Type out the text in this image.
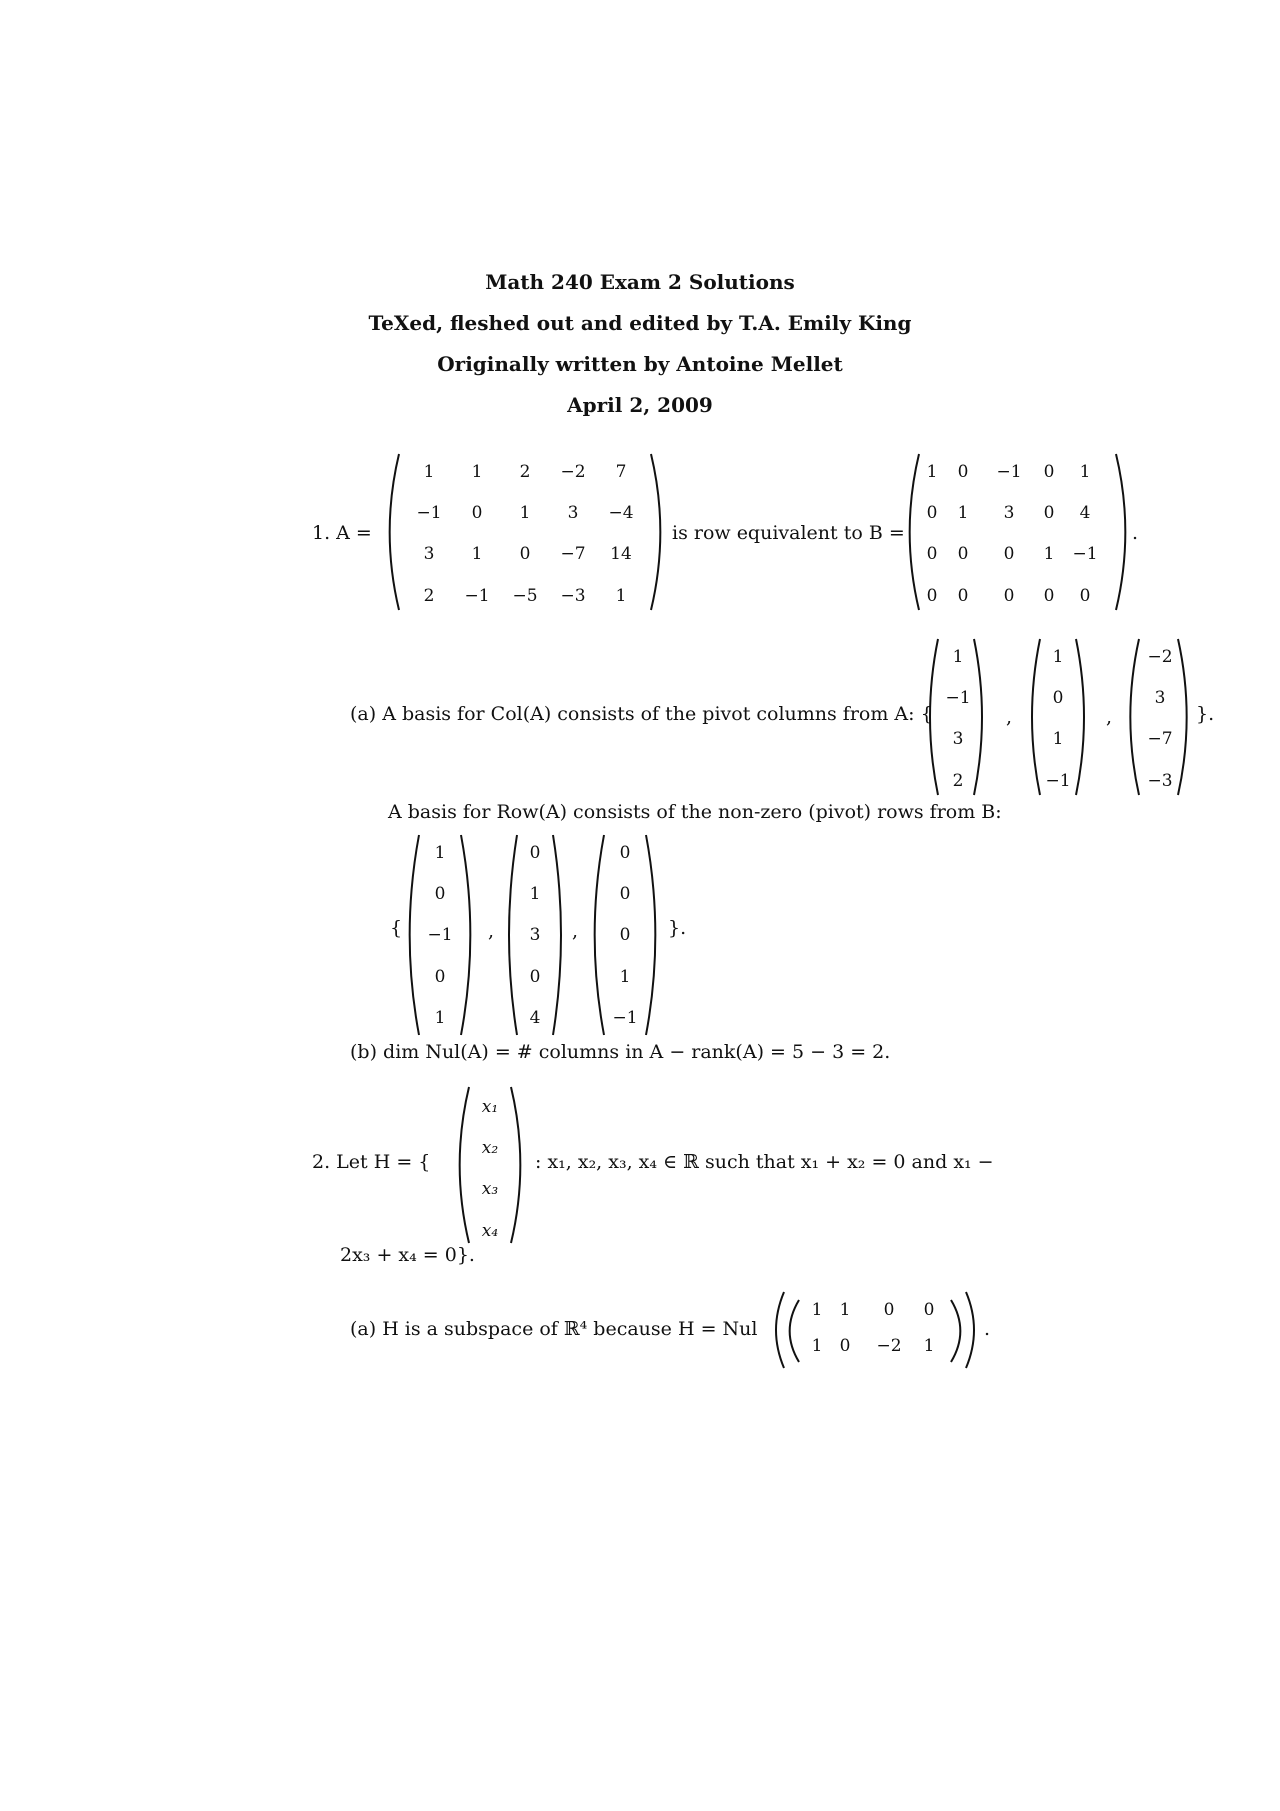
Math 240 Exam 2 Solutions
TeXed, fleshed out and edited by T.A. Emily King
Originally written by Antoine Mellet
April 2, 2009
1. A =
1	1	2	−2	7
−1	0	1	3	−4
3	1	0	−7	14
2	−1	−5	−3	1
is row equivalent to B =
1	0	−1	0	1
0	1	3	0	4
0	0	0	1	−1
0	0	0	0	0
.
(a) A basis for Col(A) consists of the pivot columns from A: {
1
−1
3
2
,
1
0
1
−1
,
−2
3
−7
−3
}.
A basis for Row(A) consists of the non-zero (pivot) rows from B:
{
1
0
−1
0
1
,
0
1
3
0
4
,
0
0
0
1
−1
}.
(b) dim Nul(A) = # columns in A − rank(A) = 5 − 3 = 2.
2. Let H = {
x₁
x₂
x₃
x₄
: x₁, x₂, x₃, x₄ ∈ ℝ such that x₁ + x₂ = 0 and x₁ −
2x₃ + x₄ = 0}.
(a) H is a subspace of ℝ⁴ because H = Nul
1	1	0	0
1	0	−2	1
.
